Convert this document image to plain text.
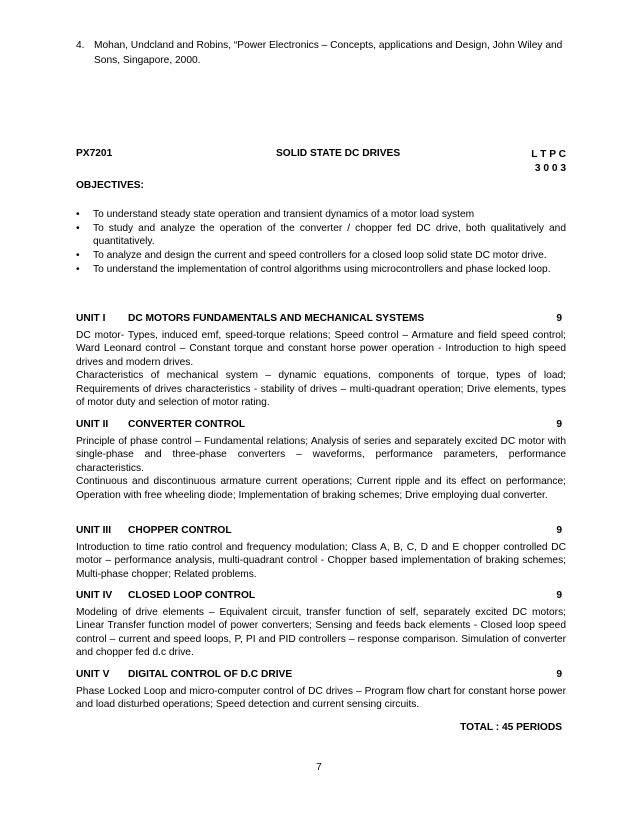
4. Mohan, Undcland and Robins, “Power Electronics – Concepts, applications and Design, John Wiley and Sons, Singapore, 2000.
PX7201	SOLID STATE DC DRIVES	L T P C
3 0 0 3
OBJECTIVES:
• To understand steady state operation and transient dynamics of a motor load system
• To study and analyze the operation of the converter / chopper fed DC drive, both qualitatively and quantitatively.
• To analyze and design the current and speed controllers for a closed loop solid state DC motor drive.
• To understand the implementation of control algorithms using microcontrollers and phase locked loop.
UNIT I DC MOTORS FUNDAMENTALS AND MECHANICAL SYSTEMS	9

DC motor- Types, induced emf, speed-torque relations; Speed control – Armature and field speed control; Ward Leonard control – Constant torque and constant horse power operation - Introduction to high speed drives and modern drives.

Characteristics of mechanical system – dynamic equations, components of torque, types of load; Requirements of drives characteristics - stability of drives – multi-quadrant operation; Drive elements, types of motor duty and selection of motor rating.

UNIT II CONVERTER CONTROL	9

Principle of phase control – Fundamental relations; Analysis of series and separately excited DC motor with single-phase and three-phase converters – waveforms, performance parameters, performance characteristics.

Continuous and discontinuous armature current operations; Current ripple and its effect on performance; Operation with free wheeling diode; Implementation of braking schemes; Drive employing dual converter.

UNIT III CHOPPER CONTROL	9

Introduction to time ratio control and frequency modulation; Class A, B, C, D and E chopper controlled DC motor – performance analysis, multi-quadrant control - Chopper based implementation of braking schemes; Multi-phase chopper; Related problems.

UNIT IV CLOSED LOOP CONTROL	9

Modeling of drive elements – Equivalent circuit, transfer function of self, separately excited DC motors; Linear Transfer function model of power converters; Sensing and feeds back elements - Closed loop speed control – current and speed loops, P, PI and PID controllers – response comparison. Simulation of converter and chopper fed d.c drive.

UNIT V DIGITAL CONTROL OF D.C DRIVE	9

Phase Locked Loop and micro-computer control of DC drives – Program flow chart for constant horse power and load disturbed operations; Speed detection and current sensing circuits.

TOTAL : 45 PERIODS
7
